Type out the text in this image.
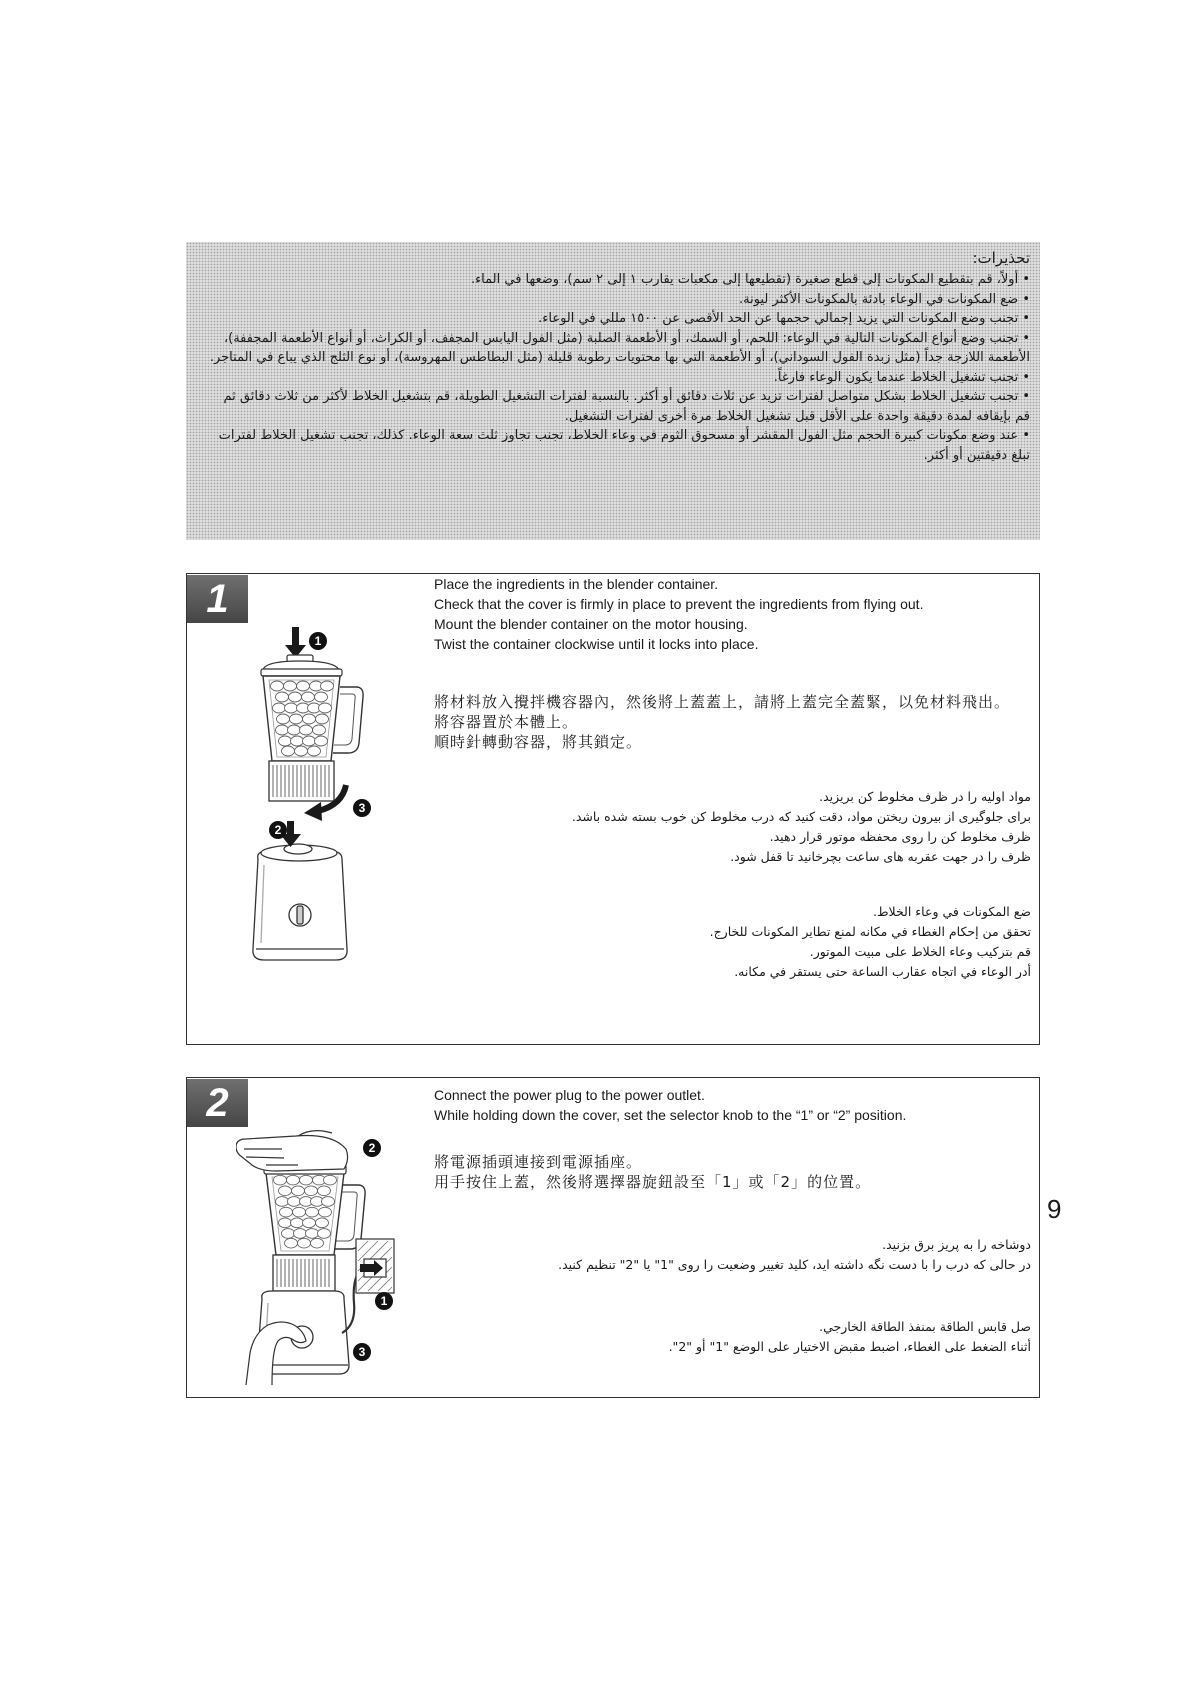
تحذيرات:
• أولاً، قم بتقطيع المكونات إلى قطع صغيرة (تقطيعها إلى مكعبات يقارب ١ إلى ٢ سم)، وضعها في الماء.
• ضع المكونات في الوعاء بادئة بالمكونات الأكثر ليونة.
• تجنب وضع المكونات التي يزيد إجمالي حجمها عن الحد الأقصى عن ١٥٠٠ مللي في الوعاء.
• تجنب وضع أنواع المكونات التالية في الوعاء: اللحم، أو السمك، أو الأطعمة الصلبة (مثل الفول اليابس المجفف، أو الكراث، أو أنواع الأطعمة المجففة)، الأطعمة اللازجة جداً (مثل زبدة الفول السوداني)، أو الأطعمة التي بها محتويات رطوبة قليلة (مثل البطاطس المهروسة)، أو نوع الثلج الذي يباع في المتاجر.
• تجنب تشغيل الخلاط عندما يكون الوعاء فارغاً.
• تجنب تشغيل الخلاط بشكل متواصل لفترات تزيد عن ثلاث دقائق أو أكثر. بالنسبة لفترات التشغيل الطويلة، قم بتشغيل الخلاط لأكثر من ثلاث دقائق ثم قم بإيقافه لمدة دقيقة واحدة على الأقل قبل تشغيل الخلاط مرة أخرى لفترات التشغيل.
• عند وضع مكونات كبيرة الحجم مثل الفول المقشر أو مسحوق الثوم في وعاء الخلاط، تجنب تجاوز ثلث سعة الوعاء. كذلك، تجنب تشغيل الخلاط لفترات تبلغ دقيقتين أو أكثر.
1
1
2
3
Place the ingredients in the blender container.
Check that the cover is firmly in place to prevent the ingredients from flying out.
Mount the blender container on the motor housing.
Twist the container clockwise until it locks into place.
將材料放入攪拌機容器內，然後將上蓋蓋上，請將上蓋完全蓋緊，以免材料飛出。
將容器置於本體上。
順時針轉動容器，將其鎖定。
مواد اولیه را در ظرف مخلوط کن بریزید.
برای جلوگیری از بیرون ریختن مواد، دقت کنید که درب مخلوط کن خوب بسته شده باشد.
ظرف مخلوط کن را روی محفظه موتور قرار دهید.
ظرف را در جهت عقربه های ساعت بچرخانید تا قفل شود.
ضع المكونات في وعاء الخلاط.
تحقق من إحكام الغطاء في مكانه لمنع تطاير المكونات للخارج.
قم بتركيب وعاء الخلاط على مبيت الموتور.
أدر الوعاء في اتجاه عقارب الساعة حتى يستقر في مكانه.
2
2
1
3
Connect the power plug to the power outlet.
While holding down the cover, set the selector knob to the “1” or “2” position.
將電源插頭連接到電源插座。
用手按住上蓋，然後將選擇器旋鈕設至「1」或「2」的位置。
دوشاخه را به پریز برق بزنید.
در حالی که درب را با دست نگه داشته اید، کلید تغییر وضعیت را روی "1" یا "2" تنظیم کنید.
صل قابس الطاقة بمنفذ الطاقة الخارجي.
أثناء الضغط على الغطاء، اضبط مقبض الاختيار على الوضع "1" أو "2".
9
